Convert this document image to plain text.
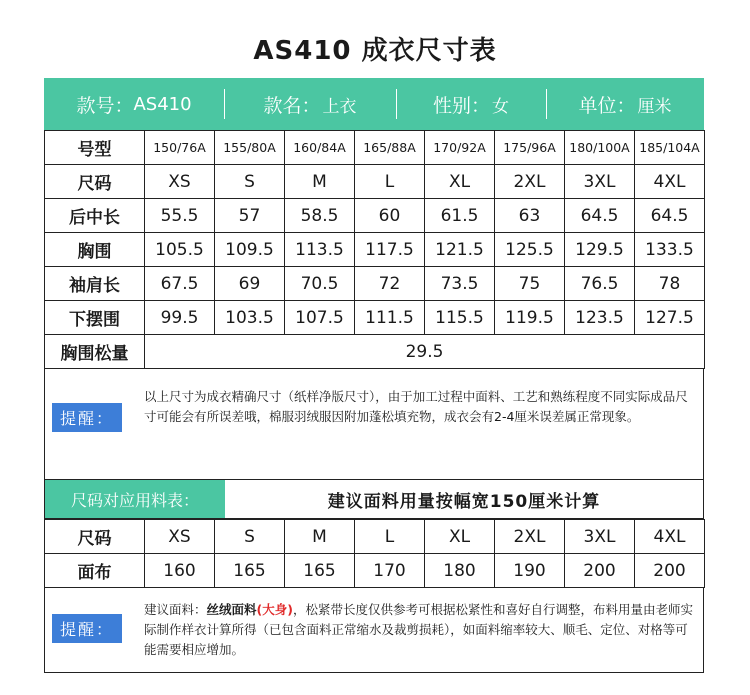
AS410 成衣尺寸表
款号： AS410	款名： 上衣	性别： 女	单位： 厘米
号型	150/76A	155/80A	160/84A	165/88A	170/92A	175/96A	180/100A	185/104A
尺码	XS	S	M	L	XL	2XL	3XL	4XL
后中长	55.5	57	58.5	60	61.5	63	64.5	64.5
胸围	105.5	109.5	113.5	117.5	121.5	125.5	129.5	133.5
袖肩长	67.5	69	70.5	72	73.5	75	76.5	78
下摆围	99.5	103.5	107.5	111.5	115.5	119.5	123.5	127.5
胸围松量	29.5							
提醒：
以上尺寸为成衣精确尺寸（纸样净版尺寸），由于加工过程中面料、工艺和熟练程度不同实际成品尺寸可能会有所误差哦，棉服羽绒服因附加蓬松填充物，成衣会有2-4厘米误差属正常现象。
尺码对应用料表：	建议面料用量按幅宽150厘米计算
尺码	XS	S	M	L	XL	2XL	3XL	4XL
面布	160	165	165	170	180	190	200	200
提醒：
建议面料：丝绒面料(大身)，松紧带长度仅供参考可根据松紧性和喜好自行调整，布料用量由老师实际制作样衣计算所得（已包含面料正常缩水及裁剪损耗），如面料缩率较大、顺毛、定位、对格等可能需要相应增加。
